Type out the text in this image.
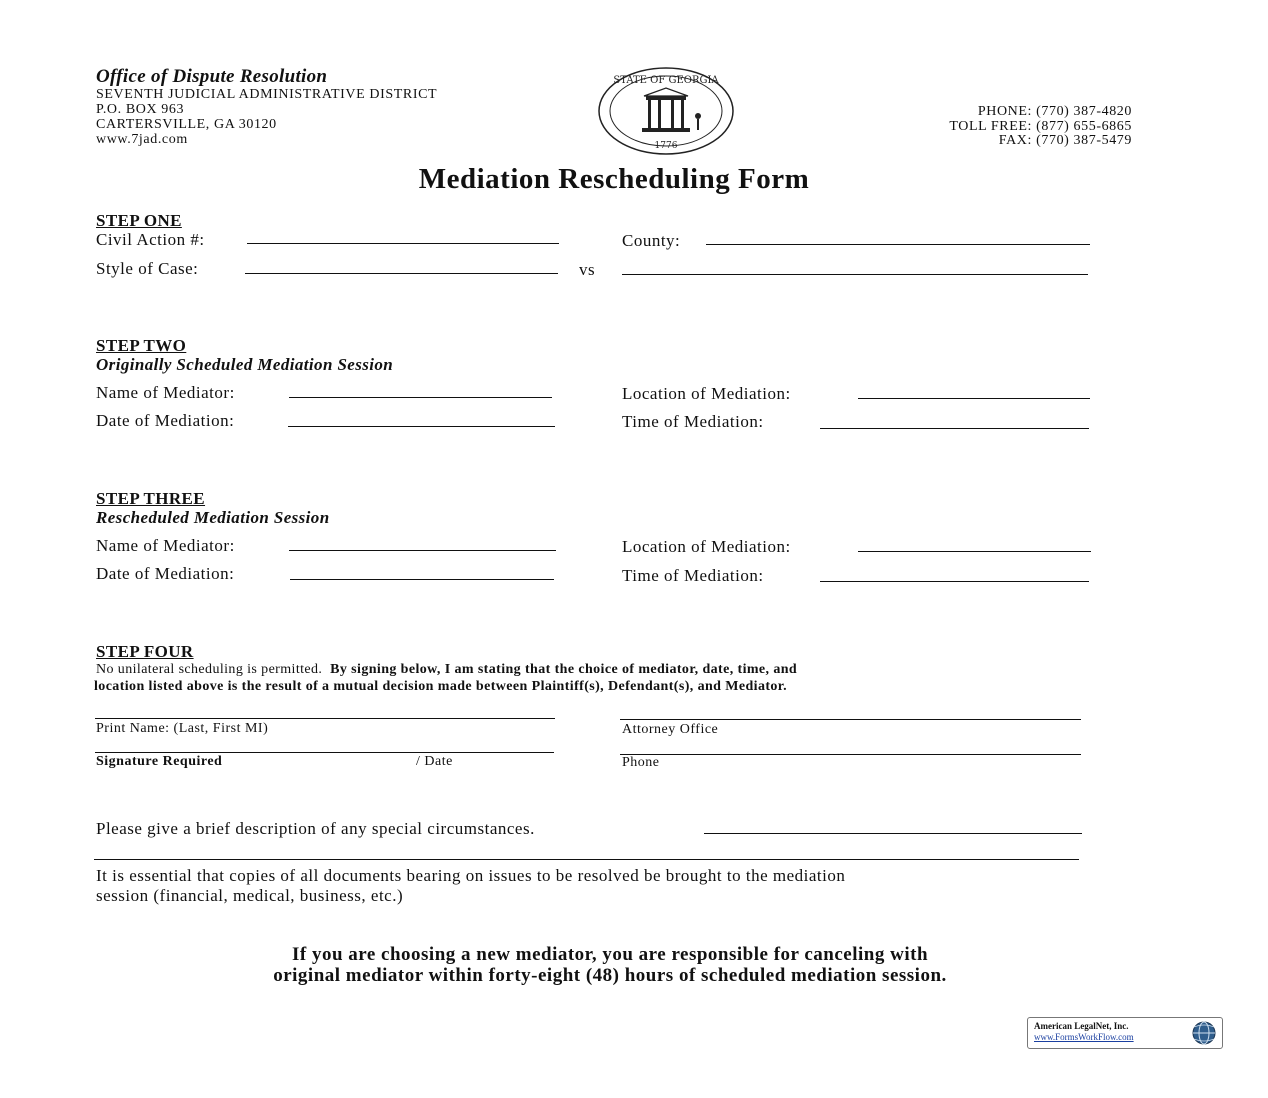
Office of Dispute Resolution
SEVENTH JUDICIAL ADMINISTRATIVE DISTRICT
P.O. BOX 963
CARTERSVILLE, GA 30120
www.7jad.com
PHONE: (770) 387-4820
TOLL FREE: (877) 655-6865
FAX: (770) 387-5479
STATE OF GEORGIA
1776
Mediation Rescheduling Form
STEP ONE
Civil Action #:	County:
Style of Case:	vs
STEP TWO
Originally Scheduled Mediation Session
Name of Mediator:	Location of Mediation:
Date of Mediation:	Time of Mediation:
STEP THREE
Rescheduled Mediation Session
Name of Mediator:	Location of Mediation:
Date of Mediation:	Time of Mediation:
STEP FOUR
No unilateral scheduling is permitted. By signing below, I am stating that the choice of mediator, date, time, and
location listed above is the result of a mutual decision made between Plaintiff(s), Defendant(s), and Mediator.
Print Name: (Last, First MI)	Attorney Office
Signature Required	/ Date	Phone
Please give a brief description of any special circumstances.
It is essential that copies of all documents bearing on issues to be resolved be brought to the mediation
session (financial, medical, business, etc.)
If you are choosing a new mediator, you are responsible for canceling with
original mediator within forty-eight (48) hours of scheduled mediation session.
American LegalNet, Inc.
www.FormsWorkFlow.com
